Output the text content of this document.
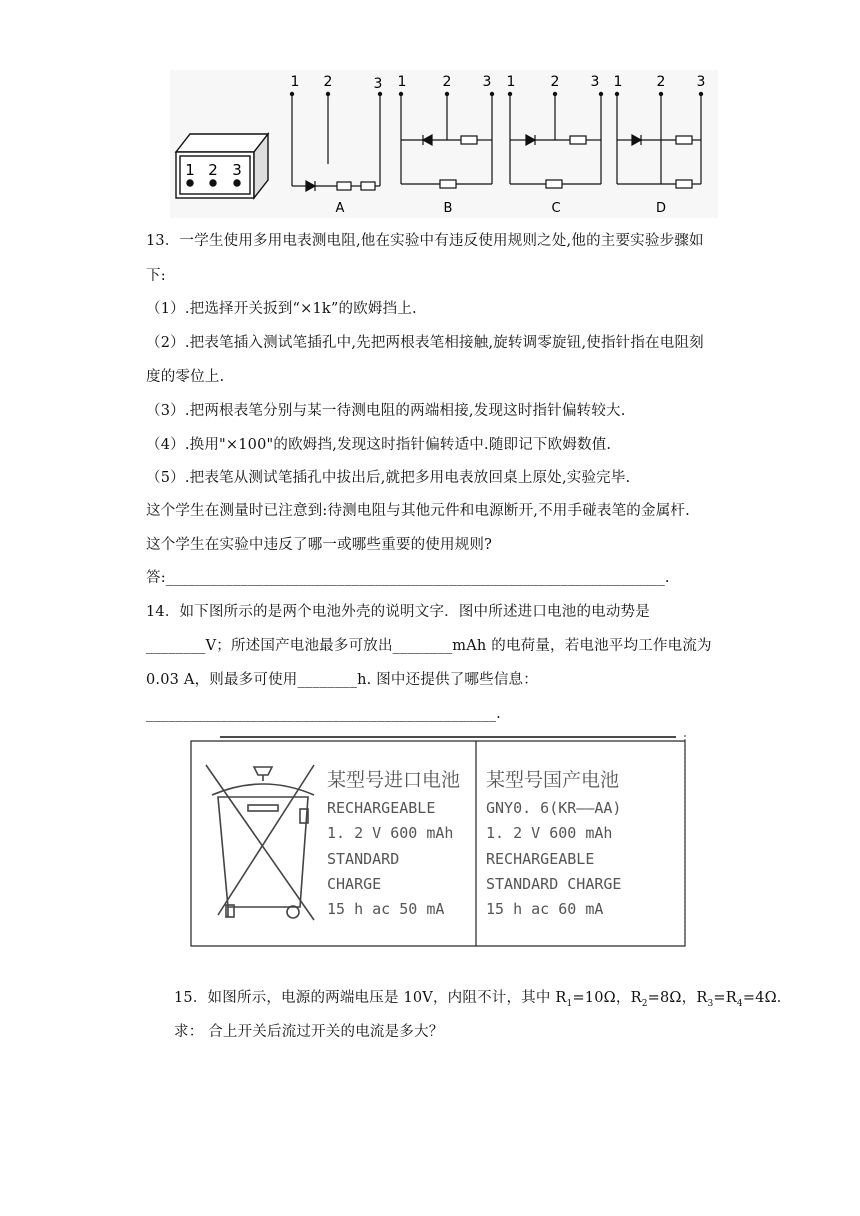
1 2 3
1 2	3 1	2 3 1	2 3 1 2 3
A	B	C	D
13．一学生使用多用电表测电阻,他在实验中有违反使用规则之处,他的主要实验步骤如
下:
（1）.把选择开关扳到“×1k”的欧姆挡上.
（2）.把表笔插入测试笔插孔中,先把两根表笔相接触,旋转调零旋钮,使指针指在电阻刻
度的零位上.
（3）.把两根表笔分别与某一待测电阻的两端相接,发现这时指针偏转较大.
（4）.换用"×100"的欧姆挡,发现这时指针偏转适中.随即记下欧姆数值.
（5）.把表笔从测试笔插孔中拔出后,就把多用电表放回桌上原处,实验完毕.
这个学生在测量时已注意到:待测电阻与其他元件和电源断开,不用手碰表笔的金属杆.
这个学生在实验中违反了哪一或哪些重要的使用规则?
答:___________________________________________________________________.
14．如下图所示的是两个电池外壳的说明文字．图中所述进口电池的电动势是
________V；所述国产电池最多可放出________mAh 的电荷量，若电池平均工作电流为
0.03 A，则最多可使用________h. 图中还提供了哪些信息：
_______________________________________________.
某型号进口电池
RECHARGEABLE
1. 2 V 600 mAh
STANDARD
CHARGE
15 h ac 50 mA
某型号国产电池
GNY0. 6(KR——AA)
1. 2 V 600 mAh
RECHARGEABLE
STANDARD CHARGE
15 h ac 60 mA
15．如图所示，电源的两端电压是 10V，内阻不计，其中 $R_1=10\Omega$，$R_2=8\Omega$，$R_3=R_4=4\Omega$．
求： 合上开关后流过开关的电流是多大？
